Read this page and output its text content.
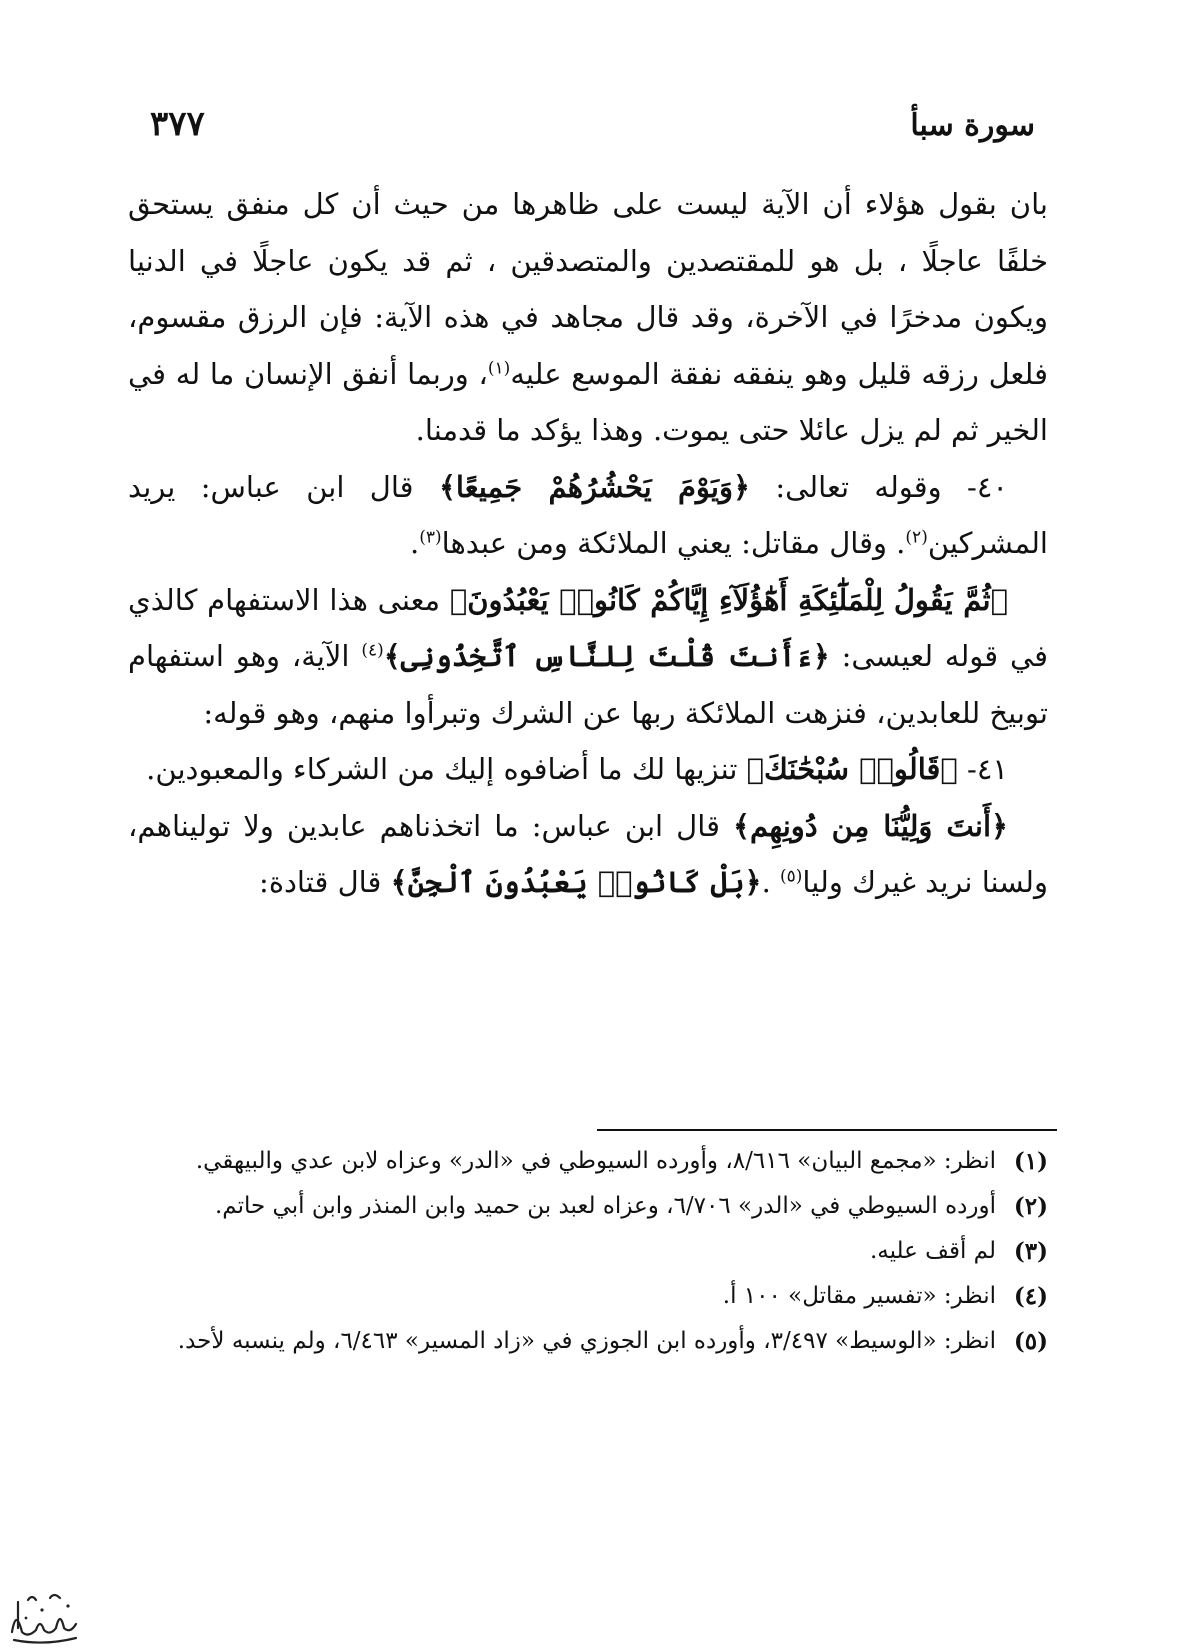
سورة سبأ
٣٧٧

بان بقول هؤلاء أن الآية ليست على ظاهرها من حيث أن كل منفق يستحق خلفًا عاجلًا ، بل هو للمقتصدين والمتصدقين ، ثم قد يكون عاجلًا في الدنيا ويكون مدخرًا في الآخرة، وقد قال مجاهد في هذه الآية: فإن الرزق مقسوم، فلعل رزقه قليل وهو ينفقه نفقة الموسع عليه$^{(١)}$، وربما أنفق الإنسان ما له في الخير ثم لم يزل عائلا حتى يموت. وهذا يؤكد ما قدمنا.

٤٠- وقوله تعالى: ﴿وَيَوْمَ يَحْشُرُهُمْ جَمِيعًا﴾ قال ابن عباس: يريد المشركين$^{(٢)}$. وقال مقاتل: يعني الملائكة ومن عبدها$^{(٣)}$.

﴿ثُمَّ يَقُولُ لِلْمَلَٰٓئِكَةِ أَهَٰٓؤُلَآءِ إِيَّاكُمْ كَانُوا۟ يَعْبُدُونَ﴾ معنى هذا الاستفهام كالذي في قوله لعيسى: ﴿ءَأَنتَ قُلْتَ لِلنَّاسِ ٱتَّخِذُونِى﴾$^{(٤)}$ الآية، وهو استفهام توبيخ للعابدين، فنزهت الملائكة ربها عن الشرك وتبرأوا منهم، وهو قوله:

٤١- ﴿قَالُوا۟ سُبْحَٰنَكَ﴾ تنزيها لك ما أضافوه إليك من الشركاء والمعبودين.

﴿أَنتَ وَلِيُّنَا مِن دُونِهِم﴾ قال ابن عباس: ما اتخذناهم عابدين ولا توليناهم، ولسنا نريد غيرك وليا$^{(٥)}$ .﴿بَلْ كَانُوا۟ يَعْبُدُونَ ٱلْجِنَّ﴾ قال قتادة:

(١)
انظر: «مجمع البيان» ٨/٦١٦، وأورده السيوطي في «الدر» وعزاه لابن عدي والبيهقي.
(٢)
أورده السيوطي في «الدر» ٦/٧٠٦، وعزاه لعبد بن حميد وابن المنذر وابن أبي حاتم.
(٣)
لم أقف عليه.
(٤)
انظر: «تفسير مقاتل» ١٠٠ أ.
(٥)
انظر: «الوسيط» ٣/٤٩٧، وأورده ابن الجوزي في «زاد المسير» ٦/٤٦٣، ولم ينسبه لأحد.
